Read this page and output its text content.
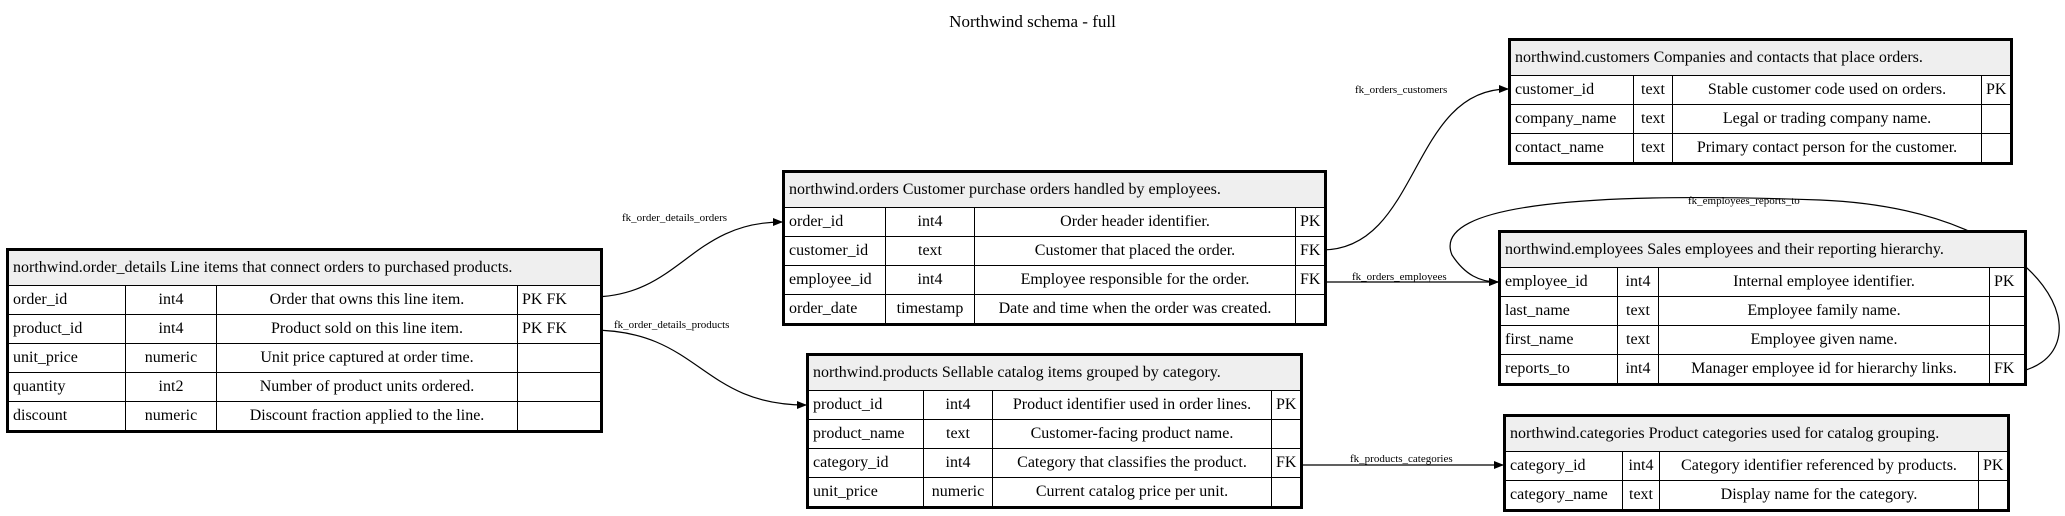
Northwind schema - full
fk_order_details_orders
fk_order_details_products
fk_orders_customers
fk_orders_employees
fk_products_categories
fk_employees_reports_to
northwind.order_details Line items that connect orders to purchased products.			
order_id	int4	Order that owns this line item.	PK FK
product_id	int4	Product sold on this line item.	PK FK
unit_price	numeric	Unit price captured at order time.	
quantity	int2	Number of product units ordered.	
discount	numeric	Discount fraction applied to the line.	
northwind.orders Customer purchase orders handled by employees.			
order_id	int4	Order header identifier.	PK
customer_id	text	Customer that placed the order.	FK
employee_id	int4	Employee responsible for the order.	FK
order_date	timestamp	Date and time when the order was created.	
northwind.products Sellable catalog items grouped by category.			
product_id	int4	Product identifier used in order lines.	PK
product_name	text	Customer-facing product name.	
category_id	int4	Category that classifies the product.	FK
unit_price	numeric	Current catalog price per unit.	
northwind.customers Companies and contacts that place orders.			
customer_id	text	Stable customer code used on orders.	PK
company_name	text	Legal or trading company name.	
contact_name	text	Primary contact person for the customer.	
northwind.employees Sales employees and their reporting hierarchy.			
employee_id	int4	Internal employee identifier.	PK
last_name	text	Employee family name.	
first_name	text	Employee given name.	
reports_to	int4	Manager employee id for hierarchy links.	FK
northwind.categories Product categories used for catalog grouping.			
category_id	int4	Category identifier referenced by products.	PK
category_name	text	Display name for the category.	
